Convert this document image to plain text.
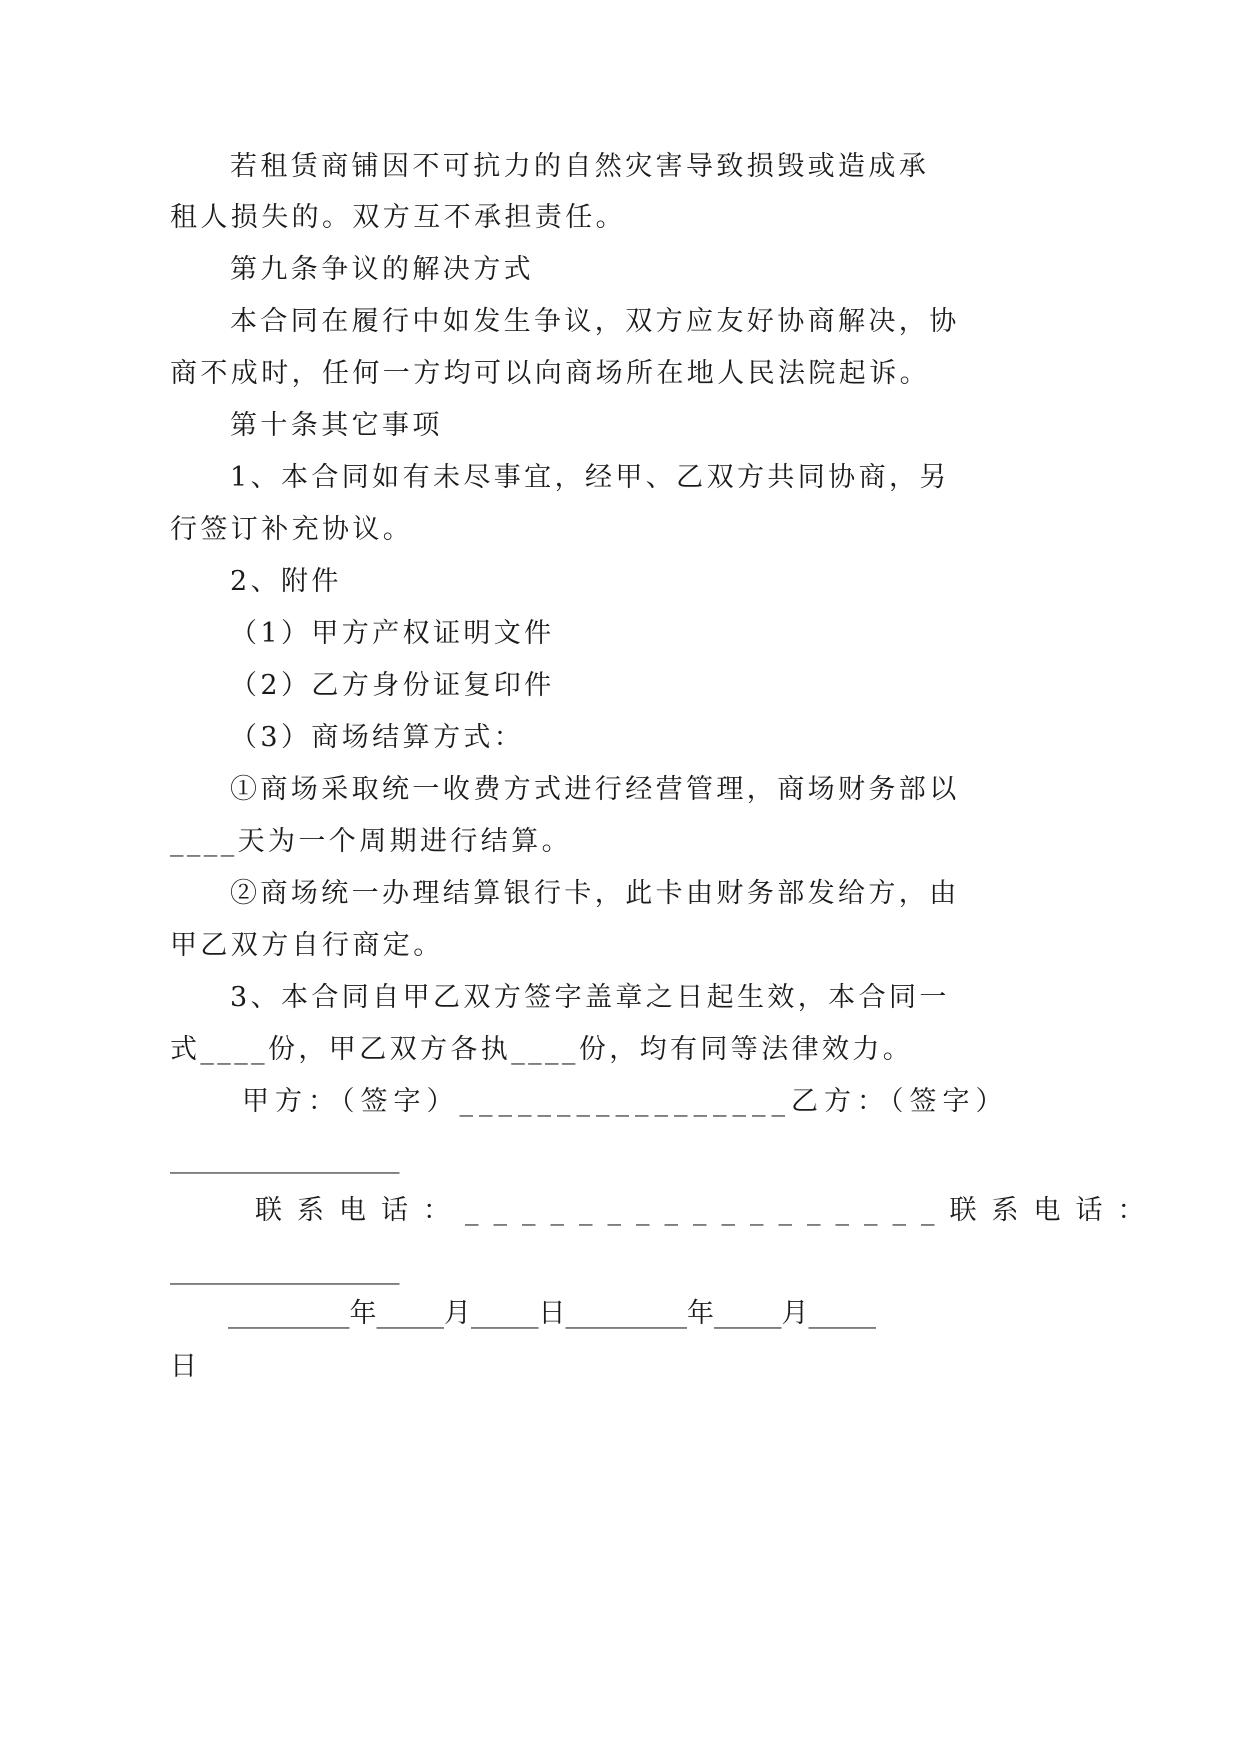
若租赁商铺因不可抗力的自然灾害导致损毁或造成承
租人损失的。双方互不承担责任。
第九条争议的解决方式
本合同在履行中如发生争议，双方应友好协商解决，协
商不成时，任何一方均可以向商场所在地人民法院起诉。
第十条其它事项
1、本合同如有未尽事宜，经甲、乙双方共同协商，另
行签订补充协议。
2、附件
（1）甲方产权证明文件
（2）乙方身份证复印件
（3）商场结算方式：
①商场采取统一收费方式进行经营管理，商场财务部以
____天为一个周期进行结算。
②商场统一办理结算银行卡，此卡由财务部发给方，由
甲乙双方自行商定。
3、本合同自甲乙双方签字盖章之日起生效，本合同一
式____份，甲乙双方各执____份，均有同等法律效力。
甲方：（签字）_________________乙方：（签字）
_________________
联系电话：_________________联系电话：
_________________
_________年_____月_____日_________年_____月_____
日
